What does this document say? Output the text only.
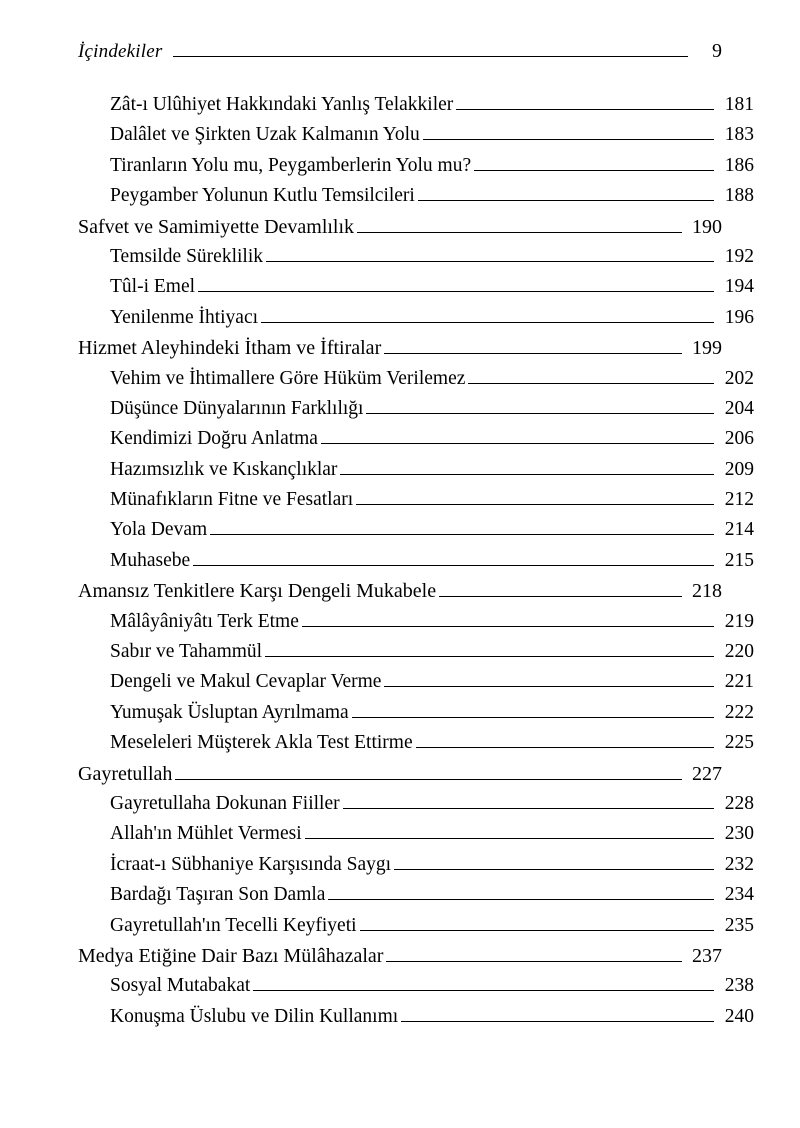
İçindekiler	9
Zât-ı Ulûhiyet Hakkındaki Yanlış Telakkiler	181
Dalâlet ve Şirkten Uzak Kalmanın Yolu	183
Tiranların Yolu mu, Peygamberlerin Yolu mu?	186
Peygamber Yolunun Kutlu Temsilcileri	188
Safvet ve Samimiyette Devamlılık	190
Temsilde Süreklilik	192
Tûl-i Emel	194
Yenilenme İhtiyacı	196
Hizmet Aleyhindeki İtham ve İftiralar	199
Vehim ve İhtimallere Göre Hüküm Verilemez	202
Düşünce Dünyalarının Farklılığı	204
Kendimizi Doğru Anlatma	206
Hazımsızlık ve Kıskançlıklar	209
Münafıkların Fitne ve Fesatları	212
Yola Devam	214
Muhasebe	215
Amansız Tenkitlere Karşı Dengeli Mukabele	218
Mâlâyâniyâtı Terk Etme	219
Sabır ve Tahammül	220
Dengeli ve Makul Cevaplar Verme	221
Yumuşak Üsluptan Ayrılmama	222
Meseleleri Müşterek Akla Test Ettirme	225
Gayretullah	227
Gayretullaha Dokunan Fiiller	228
Allah'ın Mühlet Vermesi	230
İcraat-ı Sübhaniye Karşısında Saygı	232
Bardağı Taşıran Son Damla	234
Gayretullah'ın Tecelli Keyfiyeti	235
Medya Etiğine Dair Bazı Mülâhazalar	237
Sosyal Mutabakat	238
Konuşma Üslubu ve Dilin Kullanımı	240
